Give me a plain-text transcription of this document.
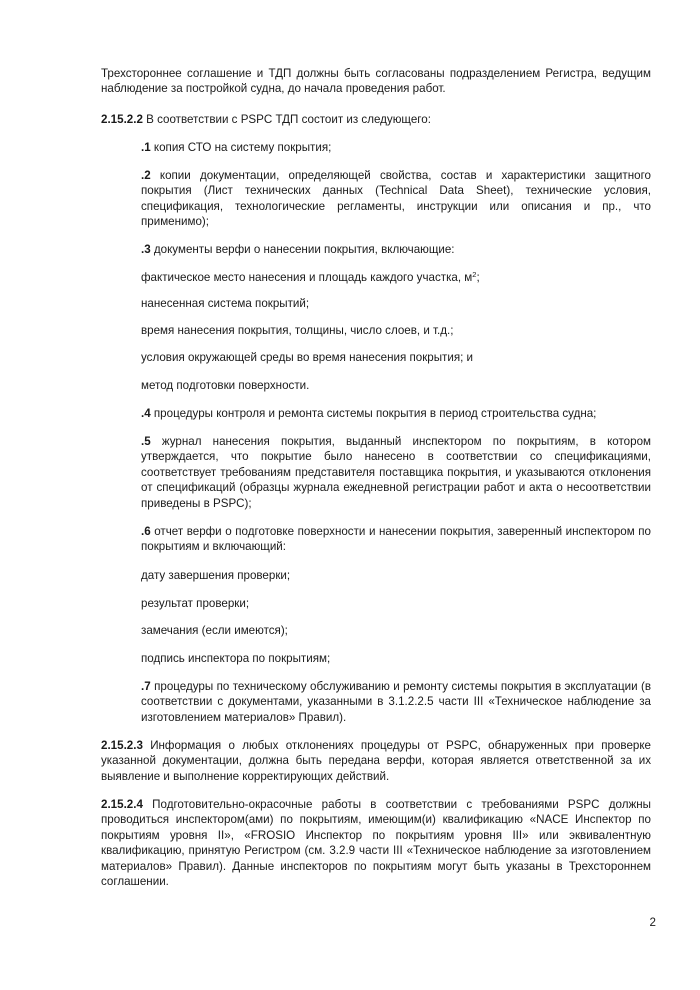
Трехстороннее соглашение и ТДП должны быть согласованы подразделением Регистра, ведущим наблюдение за постройкой судна, до начала проведения работ.

2.15.2.2 В соответствии с PSPC ТДП состоит из следующего:

.1 копия СТО на систему покрытия;

.2 копии документации, определяющей свойства, состав и характеристики защитного покрытия (Лист технических данных (Technical Data Sheet), технические условия, спецификация, технологические регламенты, инструкции или описания и пр., что применимо);

.3 документы верфи о нанесении покрытия, включающие:

фактическое место нанесения и площадь каждого участка, $м^2$;

нанесенная система покрытий;

время нанесения покрытия, толщины, число слоев, и т.д.;

условия окружающей среды во время нанесения покрытия; и

метод подготовки поверхности.

.4 процедуры контроля и ремонта системы покрытия в период строительства судна;

.5 журнал нанесения покрытия, выданный инспектором по покрытиям, в котором утверждается, что покрытие было нанесено в соответствии со спецификациями, соответствует требованиям представителя поставщика покрытия, и указываются отклонения от спецификаций (образцы журнала ежедневной регистрации работ и акта о несоответствии приведены в PSPC);

.6 отчет верфи о подготовке поверхности и нанесении покрытия, заверенный инспектором по покрытиям и включающий:

дату завершения проверки;

результат проверки;

замечания (если имеются);

подпись инспектора по покрытиям;

.7 процедуры по техническому обслуживанию и ремонту системы покрытия в эксплуатации (в соответствии с документами, указанными в 3.1.2.2.5 части III «Техническое наблюдение за изготовлением материалов» Правил).

2.15.2.3 Информация о любых отклонениях процедуры от PSPC, обнаруженных при проверке указанной документации, должна быть передана верфи, которая является ответственной за их выявление и выполнение корректирующих действий.

2.15.2.4 Подготовительно-окрасочные работы в соответствии с требованиями PSPC должны проводиться инспектором(ами) по покрытиям, имеющим(и) квалификацию «NACE Инспектор по покрытиям уровня II», «FROSIO Инспектор по покрытиям уровня III» или эквивалентную квалификацию, принятую Регистром (см. 3.2.9 части III «Техническое наблюдение за изготовлением материалов» Правил). Данные инспекторов по покрытиям могут быть указаны в Трехстороннем соглашении.

2
